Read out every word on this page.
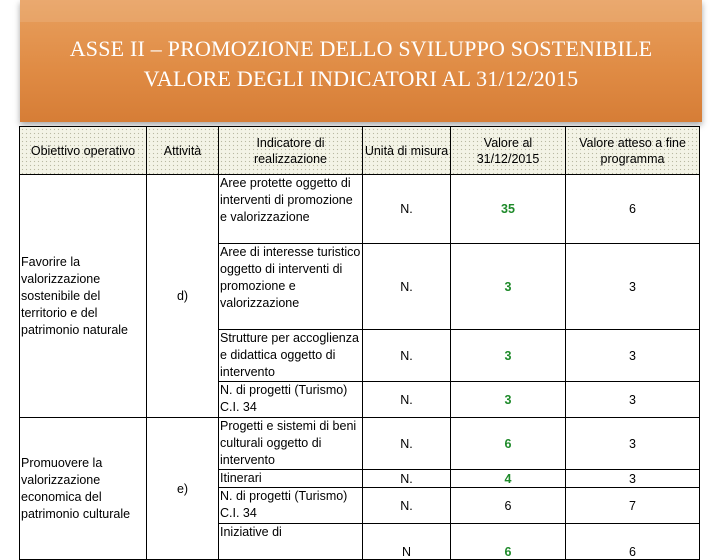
ASSE II – PROMOZIONE DELLO SVILUPPO SOSTENIBILE
VALORE DEGLI INDICATORI AL 31/12/2015
Obiettivo operativo	Attività	Indicatore di realizzazione	Unità di misura	Valore al 31/12/2015	Valore atteso a fine programma
Favorire la valorizzazione sostenibile del territorio e del patrimonio naturale	d)	Aree protette oggetto di interventi di promozione e valorizzazione	N.	35	6
		Aree di interesse turistico oggetto di interventi di promozione e valorizzazione	N.	3	3
		Strutture per accoglienza e didattica oggetto di intervento	N.	3	3
		N. di progetti (Turismo) C.I. 34	N.	3	3
Promuovere la valorizzazione economica del patrimonio culturale	e)	Progetti e sistemi di beni culturali oggetto di intervento	N.	6	3
		Itinerari	N.	4	3
		N. di progetti (Turismo) C.I. 34	N.	6	7
		Iniziative di	N	6	6
